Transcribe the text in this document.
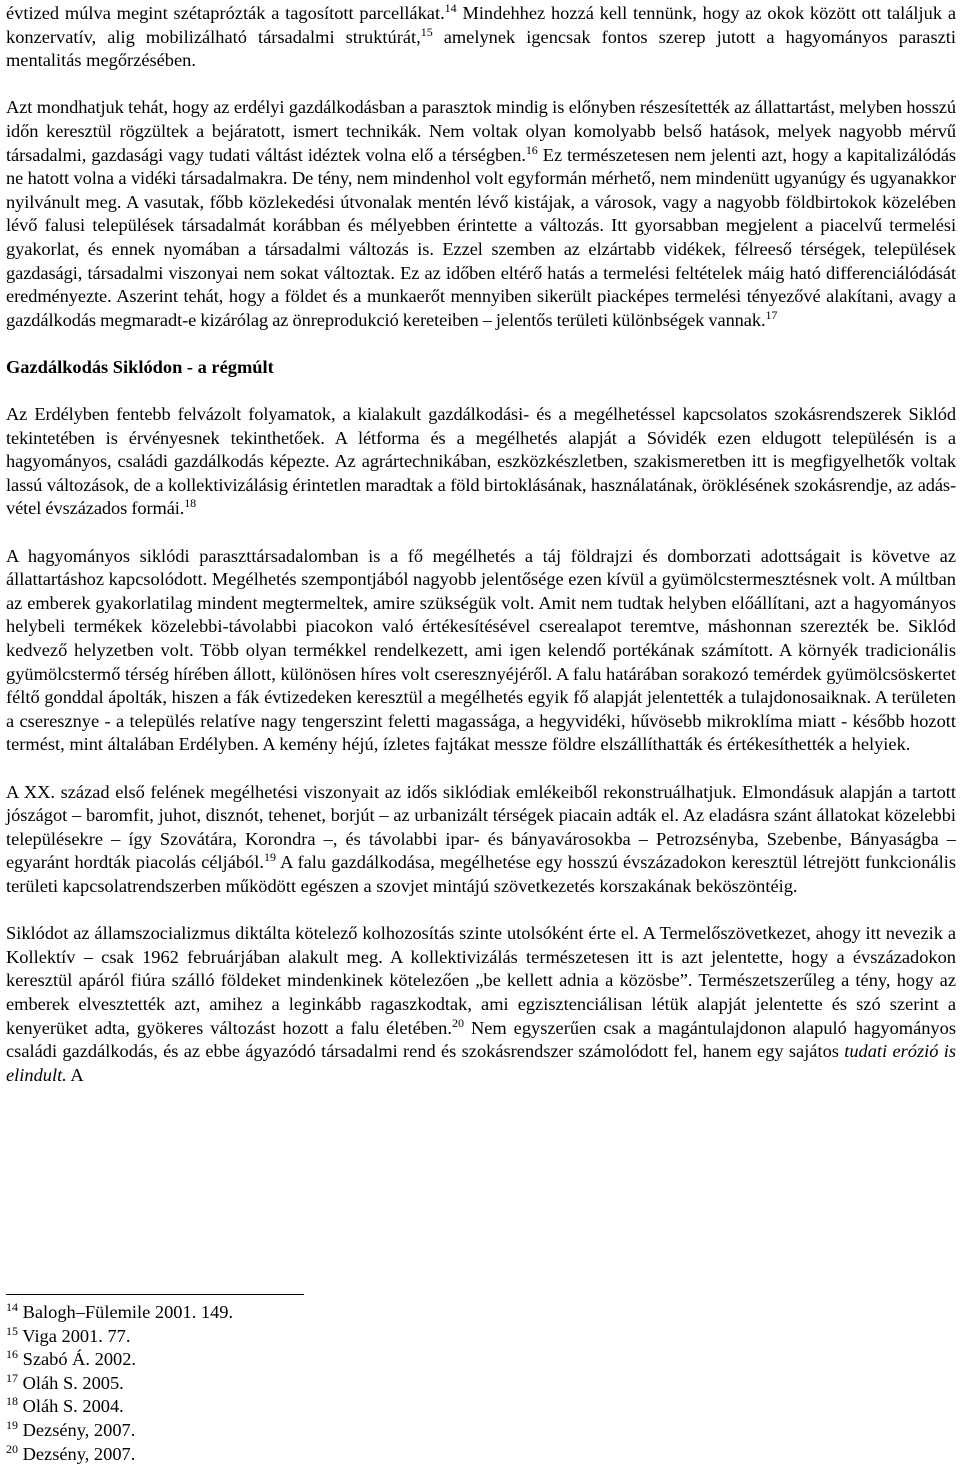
évtized múlva megint szétaprózták a tagosított parcellákat.$^{14}$ Mindehhez hozzá kell tennünk, hogy az okok között ott találjuk a konzervatív, alig mobilizálható társadalmi struktúrát,$^{15}$ amelynek igencsak fontos szerep jutott a hagyományos paraszti mentalitás megőrzésében.

Azt mondhatjuk tehát, hogy az erdélyi gazdálkodásban a parasztok mindig is előnyben részesítették az állattartást, melyben hosszú időn keresztül rögzültek a bejáratott, ismert technikák. Nem voltak olyan komolyabb belső hatások, melyek nagyobb mérvű társadalmi, gazdasági vagy tudati váltást idéztek volna elő a térségben.$^{16}$ Ez természetesen nem jelenti azt, hogy a kapitalizálódás ne hatott volna a vidéki társadalmakra. De tény, nem mindenhol volt egyformán mérhető, nem mindenütt ugyanúgy és ugyanakkor nyilvánult meg. A vasutak, főbb közlekedési útvonalak mentén lévő kistájak, a városok, vagy a nagyobb földbirtokok közelében lévő falusi települések társadalmát korábban és mélyebben érintette a változás. Itt gyorsabban megjelent a piacelvű termelési gyakorlat, és ennek nyomában a társadalmi változás is. Ezzel szemben az elzártabb vidékek, félreeső térségek, települések gazdasági, társadalmi viszonyai nem sokat változtak. Ez az időben eltérő hatás a termelési feltételek máig ható differenciálódását eredményezte. Aszerint tehát, hogy a földet és a munkaerőt mennyiben sikerült piacképes termelési tényezővé alakítani, avagy a gazdálkodás megmaradt-e kizárólag az önreprodukció kereteiben – jelentős területi különbségek vannak.$^{17}$

Gazdálkodás Siklódon - a régmúlt

Az Erdélyben fentebb felvázolt folyamatok, a kialakult gazdálkodási- és a megélhetéssel kapcsolatos szokásrendszerek Siklód tekintetében is érvényesnek tekinthetőek. A létforma és a megélhetés alapját a Sóvidék ezen eldugott településén is a hagyományos, családi gazdálkodás képezte. Az agrártechnikában, eszközkészletben, szakismeretben itt is megfigyelhetők voltak lassú változások, de a kollektivizálásig érintetlen maradtak a föld birtoklásának, használatának, öröklésének szokásrendje, az adás-vétel évszázados formái.$^{18}$

A hagyományos siklódi paraszttársadalomban is a fő megélhetés a táj földrajzi és domborzati adottságait is követve az állattartáshoz kapcsolódott. Megélhetés szempontjából nagyobb jelentősége ezen kívül a gyümölcstermesztésnek volt. A múltban az emberek gyakorlatilag mindent megtermeltek, amire szükségük volt. Amit nem tudtak helyben előállítani, azt a hagyományos helybeli termékek közelebbi-távolabbi piacokon való értékesítésével cserealapot teremtve, máshonnan szerezték be. Siklód kedvező helyzetben volt. Több olyan termékkel rendelkezett, ami igen kelendő portékának számított. A környék tradicionális gyümölcstermő térség hírében állott, különösen híres volt cseresznyéjéről. A falu határában sorakozó temérdek gyümölcsöskertet féltő gonddal ápolták, hiszen a fák évtizedeken keresztül a megélhetés egyik fő alapját jelentették a tulajdonosaiknak. A területen a cseresznye - a település relatíve nagy tengerszint feletti magassága, a hegyvidéki, hűvösebb mikroklíma miatt - később hozott termést, mint általában Erdélyben. A kemény héjú, ízletes fajtákat messze földre elszállíthatták és értékesíthették a helyiek.

A XX. század első felének megélhetési viszonyait az idős siklódiak emlékeiből rekonstruálhatjuk. Elmondásuk alapján a tartott jószágot – baromfit, juhot, disznót, tehenet, borjút – az urbanizált térségek piacain adták el. Az eladásra szánt állatokat közelebbi településekre – így Szovátára, Korondra –, és távolabbi ipar- és bányavárosokba – Petrozsényba, Szebenbe, Bányaságba – egyaránt hordták piacolás céljából.$^{19}$ A falu gazdálkodása, megélhetése egy hosszú évszázadokon keresztül létrejött funkcionális területi kapcsolatrendszerben működött egészen a szovjet mintájú szövetkezetés korszakának beköszöntéig.

Siklódot az államszocializmus diktálta kötelező kolhozosítás szinte utolsóként érte el. A Termelőszövetkezet, ahogy itt nevezik a Kollektív – csak 1962 februárjában alakult meg. A kollektivizálás természetesen itt is azt jelentette, hogy a évszázadokon keresztül apáról fiúra szálló földeket mindenkinek kötelezően „be kellett adnia a közösbe”. Természetszerűleg a tény, hogy az emberek elvesztették azt, amihez a leginkább ragaszkodtak, ami egzisztenciálisan létük alapját jelentette és szó szerint a kenyerüket adta, gyökeres változást hozott a falu életében.$^{20}$ Nem egyszerűen csak a magántulajdonon alapuló hagyományos családi gazdálkodás, és az ebbe ágyazódó társadalmi rend és szokásrendszer számolódott fel, hanem egy sajátos tudati erózió is elindult. A

$^{14}$ Balogh–Fülemile 2001. 149.
$^{15}$ Viga 2001. 77.
$^{16}$ Szabó Á. 2002.
$^{17}$ Oláh S. 2005.
$^{18}$ Oláh S. 2004.
$^{19}$ Dezsény, 2007.
$^{20}$ Dezsény, 2007.
